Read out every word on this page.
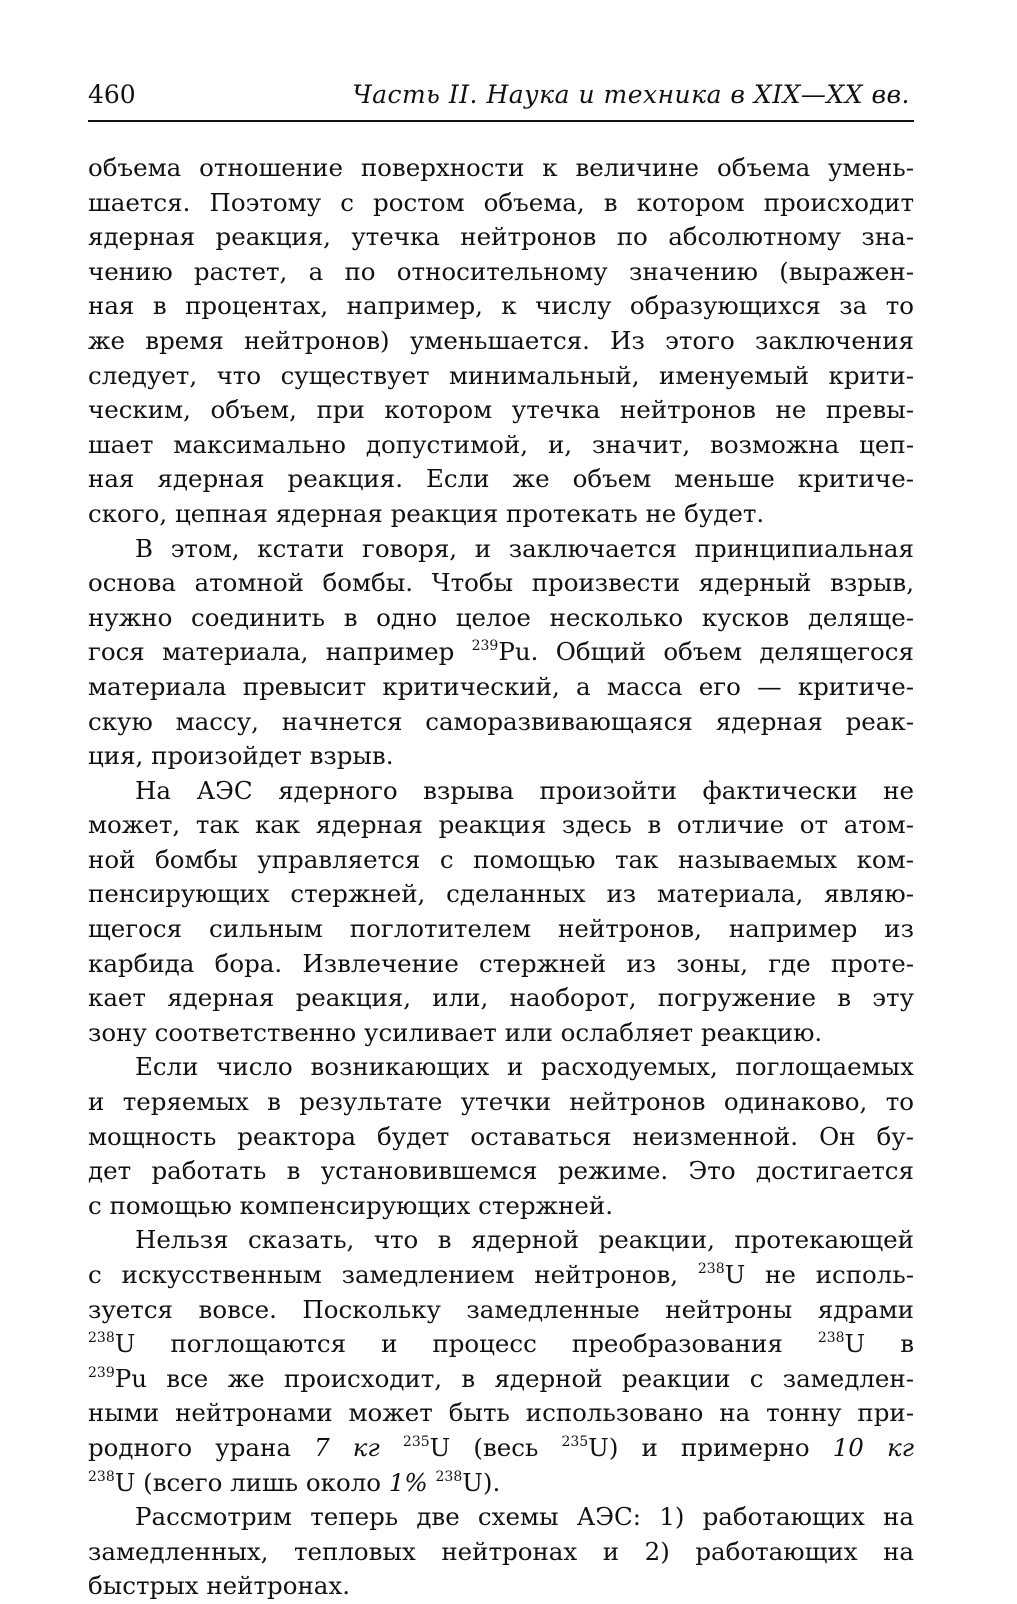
460	Часть II. Наука и техника в XIX—XX вв.
объема отношение поверхности к величине объема умень-
шается. Поэтому с ростом объема, в котором происходит
ядерная реакция, утечка нейтронов по абсолютному зна-
чению растет, а по относительному значению (выражен-
ная в процентах, например, к числу образующихся за то
же время нейтронов) уменьшается. Из этого заключения
следует, что существует минимальный, именуемый крити-
ческим, объем, при котором утечка нейтронов не превы-
шает максимально допустимой, и, значит, возможна цеп-
ная ядерная реакция. Если же объем меньше критиче-
ского, цепная ядерная реакция протекать не будет.
В этом, кстати говоря, и заключается принципиальная
основа атомной бомбы. Чтобы произвести ядерный взрыв,
нужно соединить в одно целое несколько кусков деляще-
гося материала, например $^{239}$Pu. Общий объем делящегося
материала превысит критический, а масса его — критиче-
скую массу, начнется саморазвивающаяся ядерная реак-
ция, произойдет взрыв.
На АЭС ядерного взрыва произойти фактически не
может, так как ядерная реакция здесь в отличие от атом-
ной бомбы управляется с помощью так называемых ком-
пенсирующих стержней, сделанных из материала, являю-
щегося сильным поглотителем нейтронов, например из
карбида бора. Извлечение стержней из зоны, где проте-
кает ядерная реакция, или, наоборот, погружение в эту
зону соответственно усиливает или ослабляет реакцию.
Если число возникающих и расходуемых, поглощаемых
и теряемых в результате утечки нейтронов одинаково, то
мощность реактора будет оставаться неизменной. Он бу-
дет работать в установившемся режиме. Это достигается
с помощью компенсирующих стержней.
Нельзя сказать, что в ядерной реакции, протекающей
с искусственным замедлением нейтронов, $^{238}$U не исполь-
зуется вовсе. Поскольку замедленные нейтроны ядрами
$^{238}$U поглощаются и процесс преобразования $^{238}$U в
$^{239}$Pu все же происходит, в ядерной реакции с замедлен-
ными нейтронами может быть использовано на тонну при-
родного урана 7 кг $^{235}$U (весь $^{235}$U) и примерно 10 кг
$^{238}$U (всего лишь около 1% $^{238}$U).
Рассмотрим теперь две схемы АЭС: 1) работающих на
замедленных, тепловых нейтронах и 2) работающих на
быстрых нейтронах.
